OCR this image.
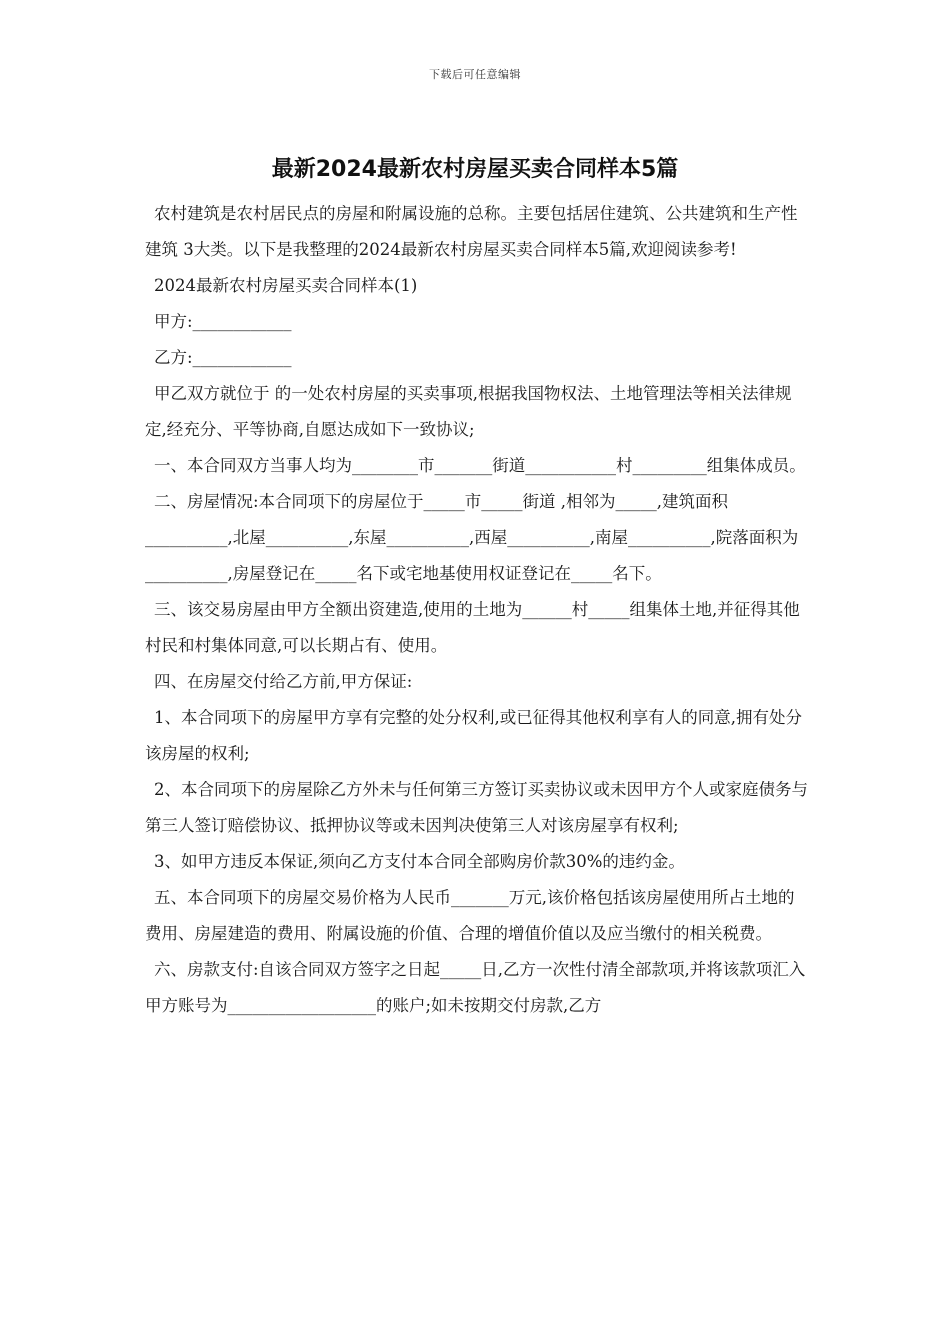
下载后可任意编辑
最新2024最新农村房屋买卖合同样本5篇

农村建筑是农村居民点的房屋和附属设施的总称。主要包括居住建筑、公共建筑和生产性建筑 3大类。以下是我整理的2024最新农村房屋买卖合同样本5篇,欢迎阅读参考!

2024最新农村房屋买卖合同样本(1)

甲方:____________

乙方:____________

甲乙双方就位于 的一处农村房屋的买卖事项,根据我国物权法、土地管理法等相关法律规定,经充分、平等协商,自愿达成如下一致协议;

一、本合同双方当事人均为________市_______街道___________村_________组集体成员。

二、房屋情况:本合同项下的房屋位于_____市_____街道 ,相邻为_____,建筑面积__________,北屋__________,东屋__________,西屋__________,南屋__________,院落面积为__________,房屋登记在_____名下或宅地基使用权证登记在_____名下。

三、该交易房屋由甲方全额出资建造,使用的土地为______村_____组集体土地,并征得其他村民和村集体同意,可以长期占有、使用。

四、在房屋交付给乙方前,甲方保证:

1、本合同项下的房屋甲方享有完整的处分权利,或已征得其他权利享有人的同意,拥有处分该房屋的权利;

2、本合同项下的房屋除乙方外未与任何第三方签订买卖协议或未因甲方个人或家庭债务与第三人签订赔偿协议、抵押协议等或未因判决使第三人对该房屋享有权利;

3、如甲方违反本保证,须向乙方支付本合同全部购房价款30%的违约金。

五、本合同项下的房屋交易价格为人民币_______万元,该价格包括该房屋使用所占土地的费用、房屋建造的费用、附属设施的价值、合理的增值价值以及应当缴付的相关税费。

六、房款支付:自该合同双方签字之日起_____日,乙方一次性付清全部款项,并将该款项汇入甲方账号为__________________的账户;如未按期交付房款,乙方
